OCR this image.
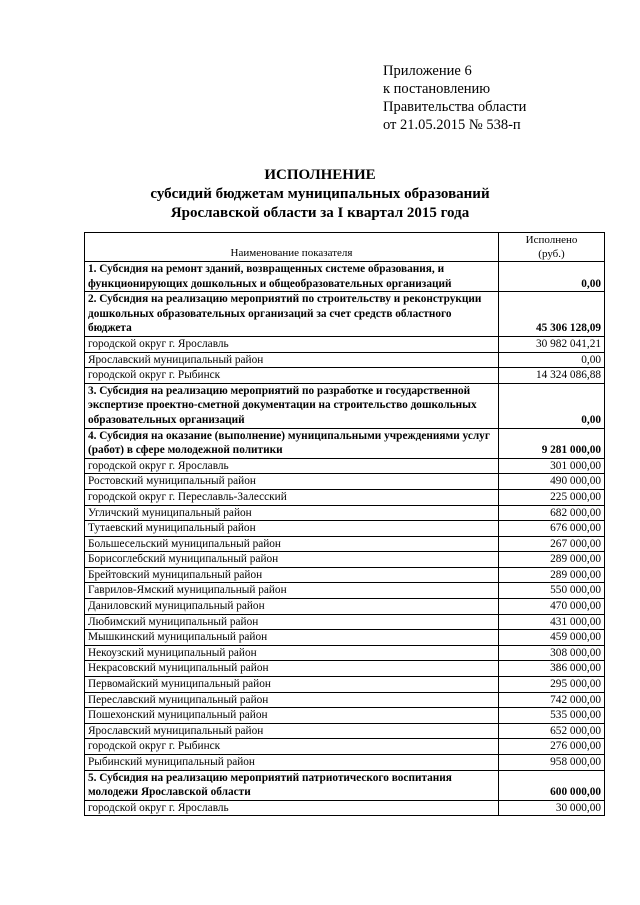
Приложение 6
к постановлению
Правительства области
от 21.05.2015 № 538-п
ИСПОЛНЕНИЕ
субсидий бюджетам муниципальных образований
Ярославской области за I квартал 2015 года
Наименование показателя	Исполнено
(руб.)
1. Субсидия на ремонт зданий, возвращенных системе образования, и функционирующих дошкольных и общеобразовательных организаций	0,00
2. Субсидия на реализацию мероприятий по строительству и реконструкции дошкольных образовательных организаций за счет средств областного бюджета	45 306 128,09
городской округ г. Ярославль	30 982 041,21
Ярославский муниципальный район	0,00
городской округ г. Рыбинск	14 324 086,88
3. Субсидия на реализацию мероприятий по разработке и государственной экспертизе проектно-сметной документации на строительство дошкольных образовательных организаций	0,00
4. Субсидия на оказание (выполнение) муниципальными учреждениями услуг (работ) в сфере молодежной политики	9 281 000,00
городской округ г. Ярославль	301 000,00
Ростовский муниципальный район	490 000,00
городской округ г. Переславль-Залесский	225 000,00
Угличский муниципальный район	682 000,00
Тутаевский муниципальный район	676 000,00
Большесельский муниципальный район	267 000,00
Борисоглебский муниципальный район	289 000,00
Брейтовский муниципальный район	289 000,00
Гаврилов-Ямский муниципальный район	550 000,00
Даниловский муниципальный район	470 000,00
Любимский муниципальный район	431 000,00
Мышкинский муниципальный район	459 000,00
Некоузский муниципальный район	308 000,00
Некрасовский муниципальный район	386 000,00
Первомайский муниципальный район	295 000,00
Переславский муниципальный район	742 000,00
Пошехонский муниципальный район	535 000,00
Ярославский муниципальный район	652 000,00
городской округ г. Рыбинск	276 000,00
Рыбинский муниципальный район	958 000,00
5. Субсидия на реализацию мероприятий патриотического воспитания молодежи Ярославской области	600 000,00
городской округ г. Ярославль	30 000,00
